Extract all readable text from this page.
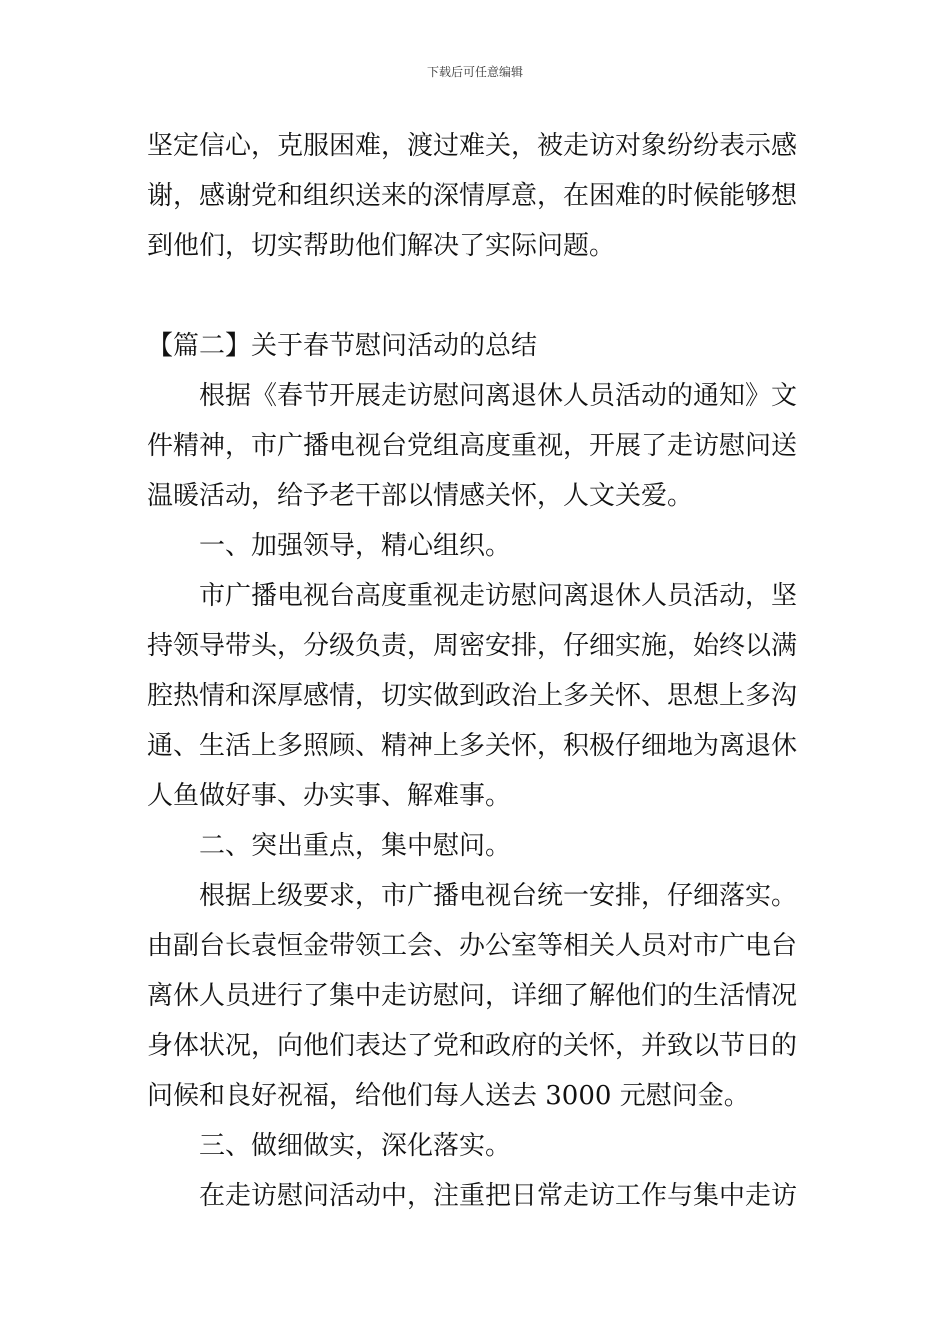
下载后可任意编辑
坚定信心，克服困难，渡过难关，被走访对象纷纷表示感
谢，感谢党和组织送来的深情厚意，在困难的时候能够想
到他们，切实帮助他们解决了实际问题。
【篇二】关于春节慰问活动的总结
根据《春节开展走访慰问离退休人员活动的通知》文
件精神，市广播电视台党组高度重视，开展了走访慰问送
温暖活动，给予老干部以情感关怀，人文关爱。
一、加强领导，精心组织。
市广播电视台高度重视走访慰问离退休人员活动，坚
持领导带头，分级负责，周密安排，仔细实施，始终以满
腔热情和深厚感情，切实做到政治上多关怀、思想上多沟
通、生活上多照顾、精神上多关怀，积极仔细地为离退休
人鱼做好事、办实事、解难事。
二、突出重点，集中慰问。
根据上级要求，市广播电视台统一安排，仔细落实。
由副台长袁恒金带领工会、办公室等相关人员对市广电台
离休人员进行了集中走访慰问，详细了解他们的生活情况
身体状况，向他们表达了党和政府的关怀，并致以节日的
问候和良好祝福，给他们每人送去 3000 元慰问金。
三、做细做实，深化落实。
在走访慰问活动中，注重把日常走访工作与集中走访
